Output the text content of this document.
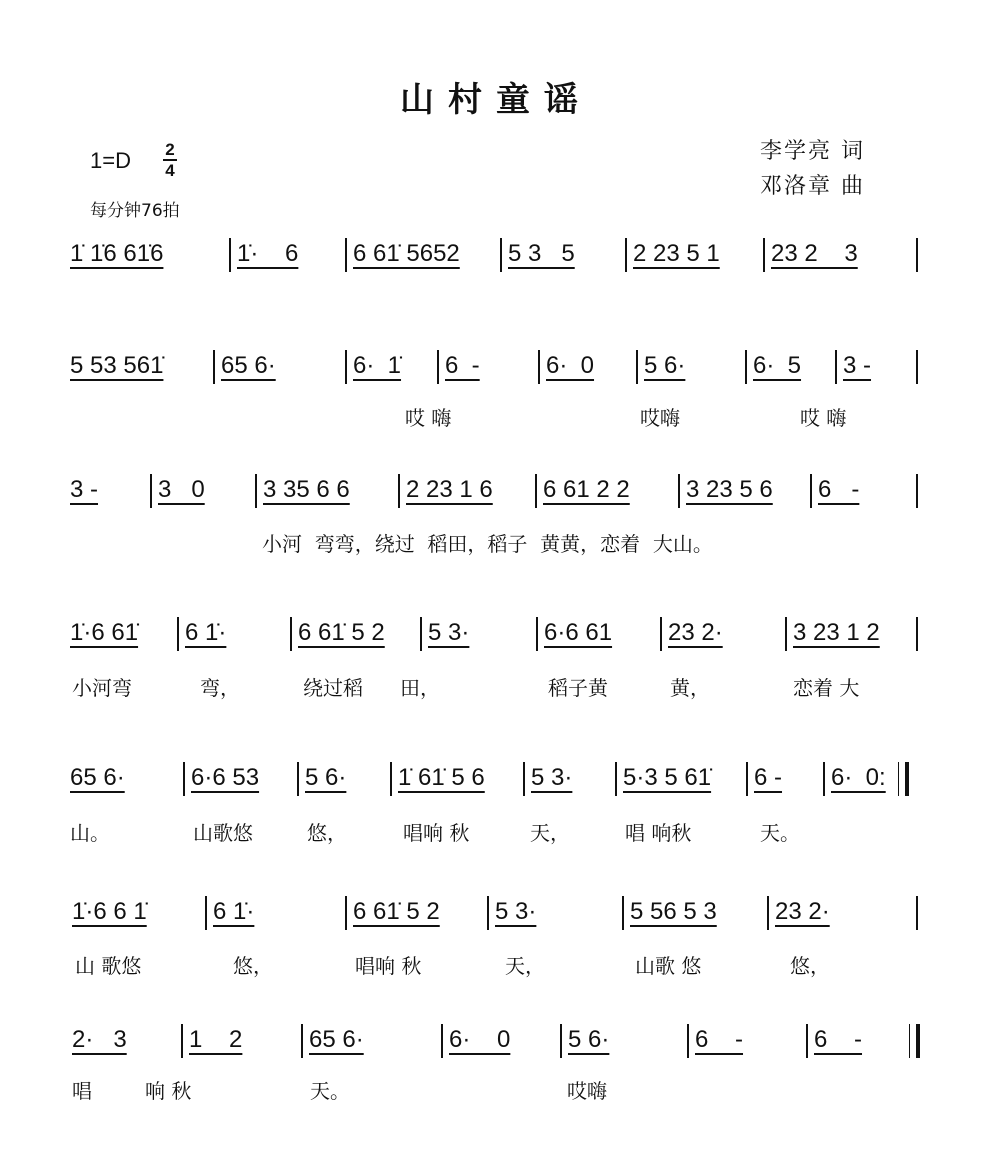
山村童谣
1=D 2
4
每分钟76拍
李学亮 词
邓洛章 曲
1̇ 1̇6 61̇6	1̇·    6 6 61̇ 5652 5 3   5 2 23 5 1 23 2    3
5 53 561̇ 65 6·	6·  1̇ 6  -	6·  0 5 6·	6·  5 3 -
哎 嗨	哎嗨	哎 嗨
3 - 3   0 3 35 6 6 2 23 1 6 6 61 2 2 3 23 5 6 6   -
小河  弯弯，绕过  稻田，稻子  黄黄，恋着  大山。
1̇·6 61̇ 6 1̇·	6 61̇ 5 2 5 3·	6·6 61 23 2·	3 23 1 2
小河弯	弯，	绕过稻 田，	稻子黄	黄，	恋着 大
65 6·	6·6 53 5 6· 1̇ 61̇ 5 6 5 3· 5·3 5 61̇ 6 - 6·  0:
山。	山歌悠	悠，	唱响 秋	天，	唱 响秋	天。
1̇·6 6 1̇	6 1̇·	6 61̇ 5 2 5 3·	5 56 5 3 23 2·
山 歌悠	悠，	唱响 秋	天，	山歌 悠	悠，
2·   3	1    2	65 6·	6·    0 5 6·	6    -	6    -
唱	响 秋	天。	哎嗨
